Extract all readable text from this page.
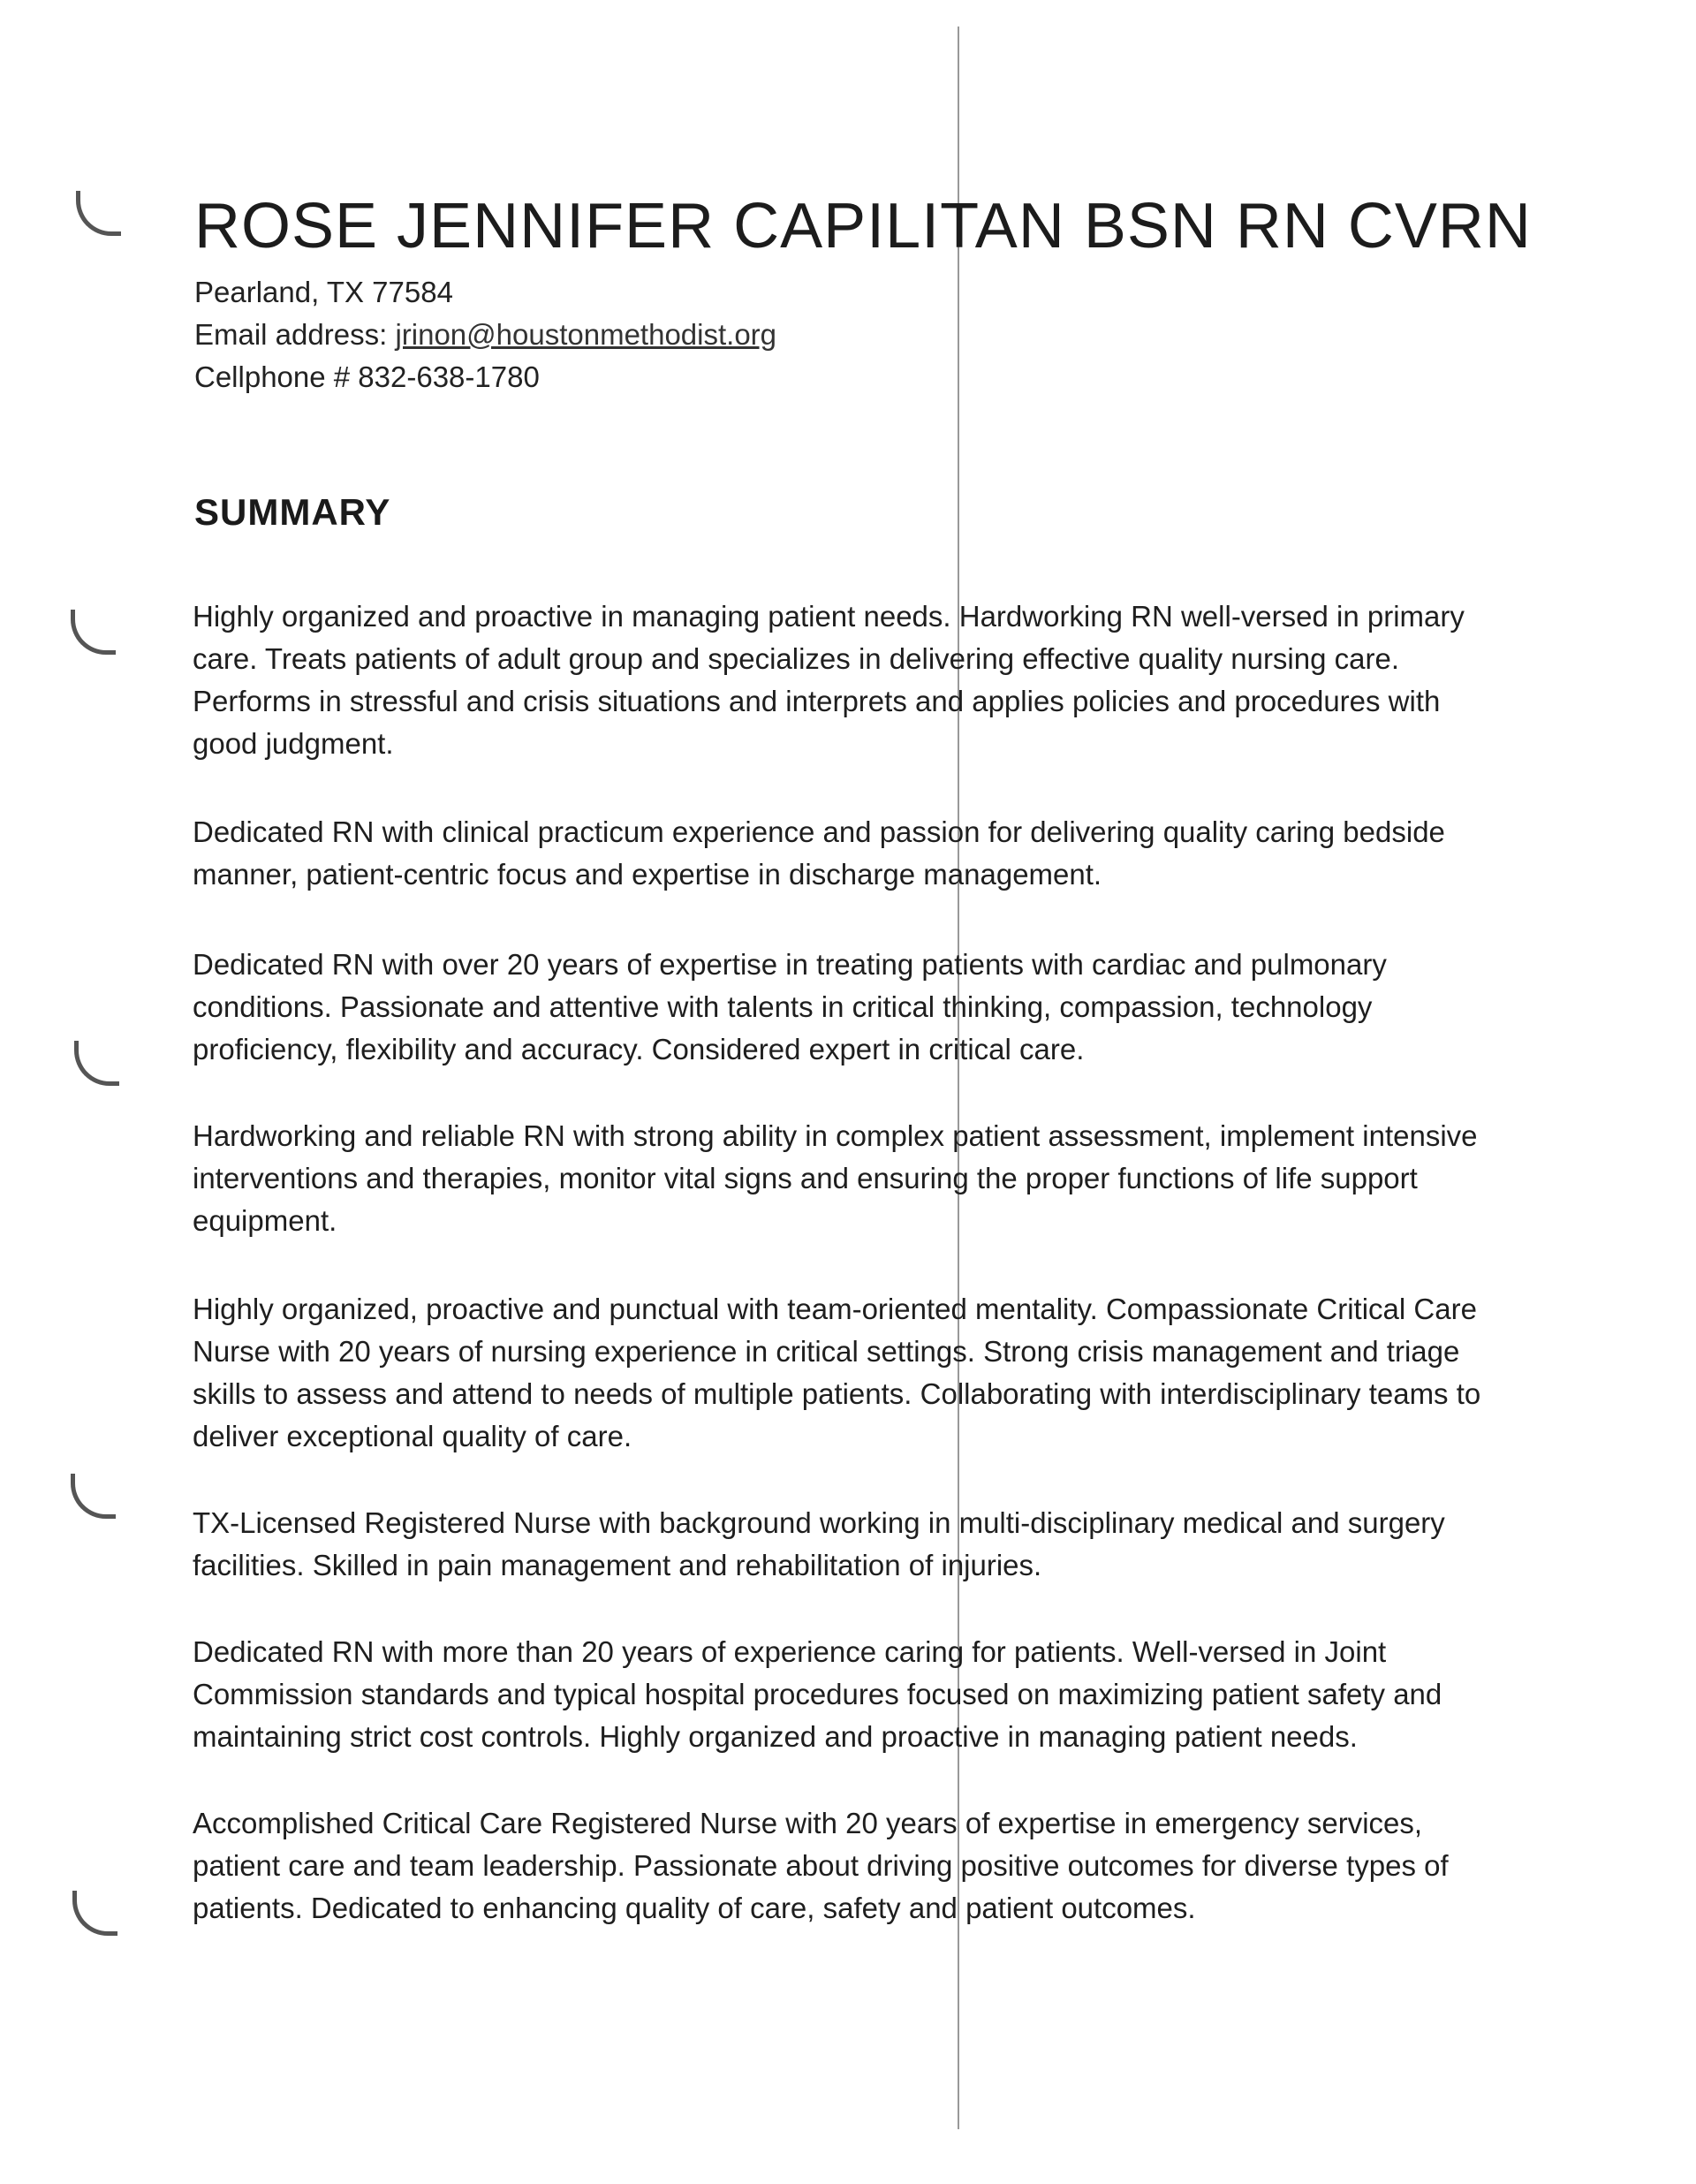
ROSE JENNIFER CAPILITAN BSN RN CVRN
Pearland, TX 77584
Email address: jrinon@houstonmethodist.org
Cellphone # 832-638-1780
SUMMARY
Highly organized and proactive in managing patient needs. Hardworking RN well-versed in primary care. Treats patients of adult group and specializes in delivering effective quality nursing care. Performs in stressful and crisis situations and interprets and applies policies and procedures with good judgment.
Dedicated RN with clinical practicum experience and passion for delivering quality caring bedside manner, patient-centric focus and expertise in discharge management.
Dedicated RN with over 20 years of expertise in treating patients with cardiac and pulmonary conditions. Passionate and attentive with talents in critical thinking, compassion, technology proficiency, flexibility and accuracy. Considered expert in critical care.
Hardworking and reliable RN with strong ability in complex patient assessment, implement intensive interventions and therapies, monitor vital signs and ensuring the proper functions of life support equipment.
Highly organized, proactive and punctual with team-oriented mentality. Compassionate Critical Care Nurse with 20 years of nursing experience in critical settings. Strong crisis management and triage skills to assess and attend to needs of multiple patients. Collaborating with interdisciplinary teams to deliver exceptional quality of care.
TX-Licensed Registered Nurse with background working in multi-disciplinary medical and surgery facilities. Skilled in pain management and rehabilitation of injuries.
Dedicated RN with more than 20 years of experience caring for patients. Well-versed in Joint Commission standards and typical hospital procedures focused on maximizing patient safety and maintaining strict cost controls. Highly organized and proactive in managing patient needs.
Accomplished Critical Care Registered Nurse with 20 years of expertise in emergency services, patient care and team leadership. Passionate about driving positive outcomes for diverse types of patients. Dedicated to enhancing quality of care, safety and patient outcomes.
